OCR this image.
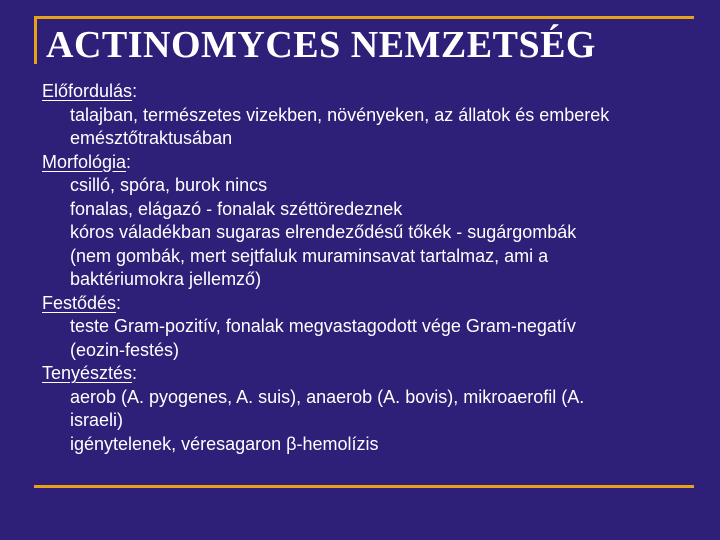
ACTINOMYCES NEMZETSÉG
Előfordulás:
talajban, természetes vizekben, növényeken, az állatok és emberek
emésztőtraktusában
Morfológia:
csilló, spóra, burok nincs
fonalas, elágazó - fonalak széttöredeznek
kóros váladékban sugaras elrendeződésű tőkék - sugárgombák
(nem gombák, mert sejtfaluk muraminsavat tartalmaz, ami a
baktériumokra jellemző)
Festődés:
teste Gram-pozitív, fonalak megvastagodott vége Gram-negatív
(eozin-festés)
Tenyésztés:
aerob (A. pyogenes, A. suis), anaerob (A. bovis), mikroaerofil (A.
israeli)
igénytelenek, véresagaron β-hemolízis
